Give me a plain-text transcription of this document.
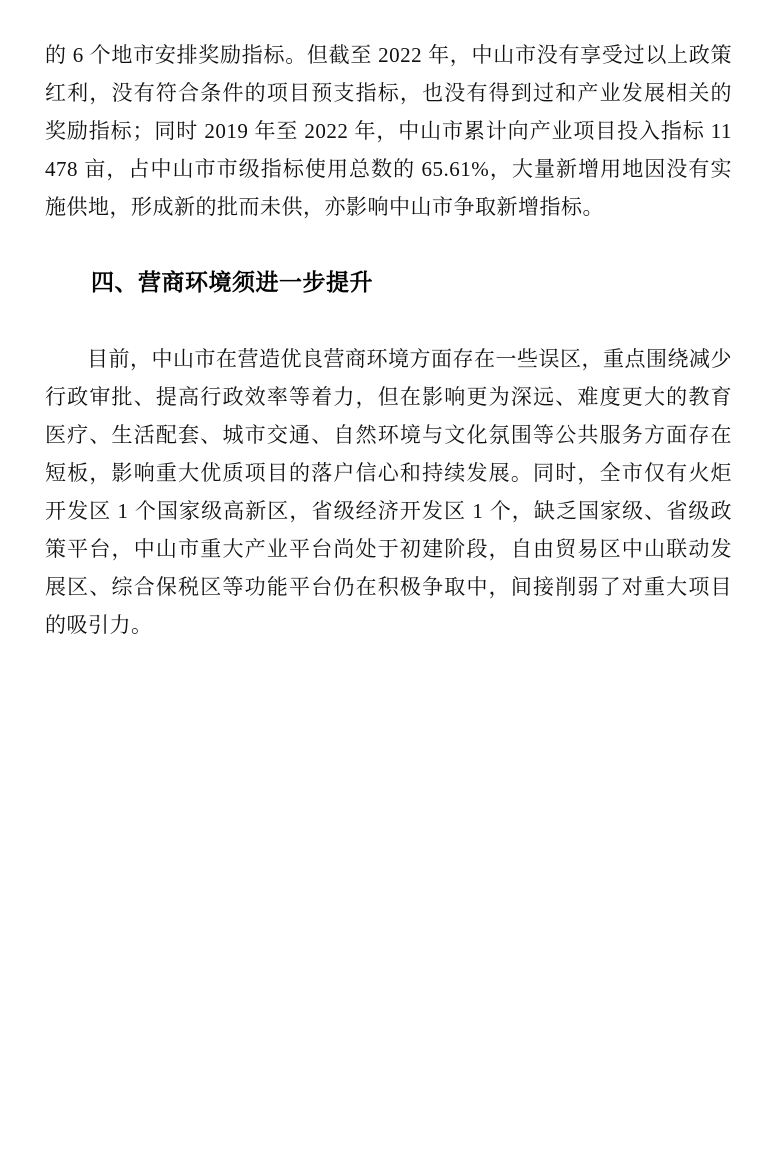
的 6 个地市安排奖励指标。但截至 2022 年，中山市没有享受过以上政策红利，没有符合条件的项目预支指标，也没有得到过和产业发展相关的奖励指标；同时 2019 年至 2022 年，中山市累计向产业项目投入指标 11 478 亩，占中山市市级指标使用总数的 65.61%，大量新增用地因没有实施供地，形成新的批而未供，亦影响中山市争取新增指标。

四、营商环境须进一步提升

目前，中山市在营造优良营商环境方面存在一些误区，重点围绕减少行政审批、提高行政效率等着力，但在影响更为深远、难度更大的教育医疗、生活配套、城市交通、自然环境与文化氛围等公共服务方面存在短板，影响重大优质项目的落户信心和持续发展。同时，全市仅有火炬开发区 1 个国家级高新区，省级经济开发区 1 个，缺乏国家级、省级政策平台，中山市重大产业平台尚处于初建阶段，自由贸易区中山联动发展区、综合保税区等功能平台仍在积极争取中，间接削弱了对重大项目的吸引力。
